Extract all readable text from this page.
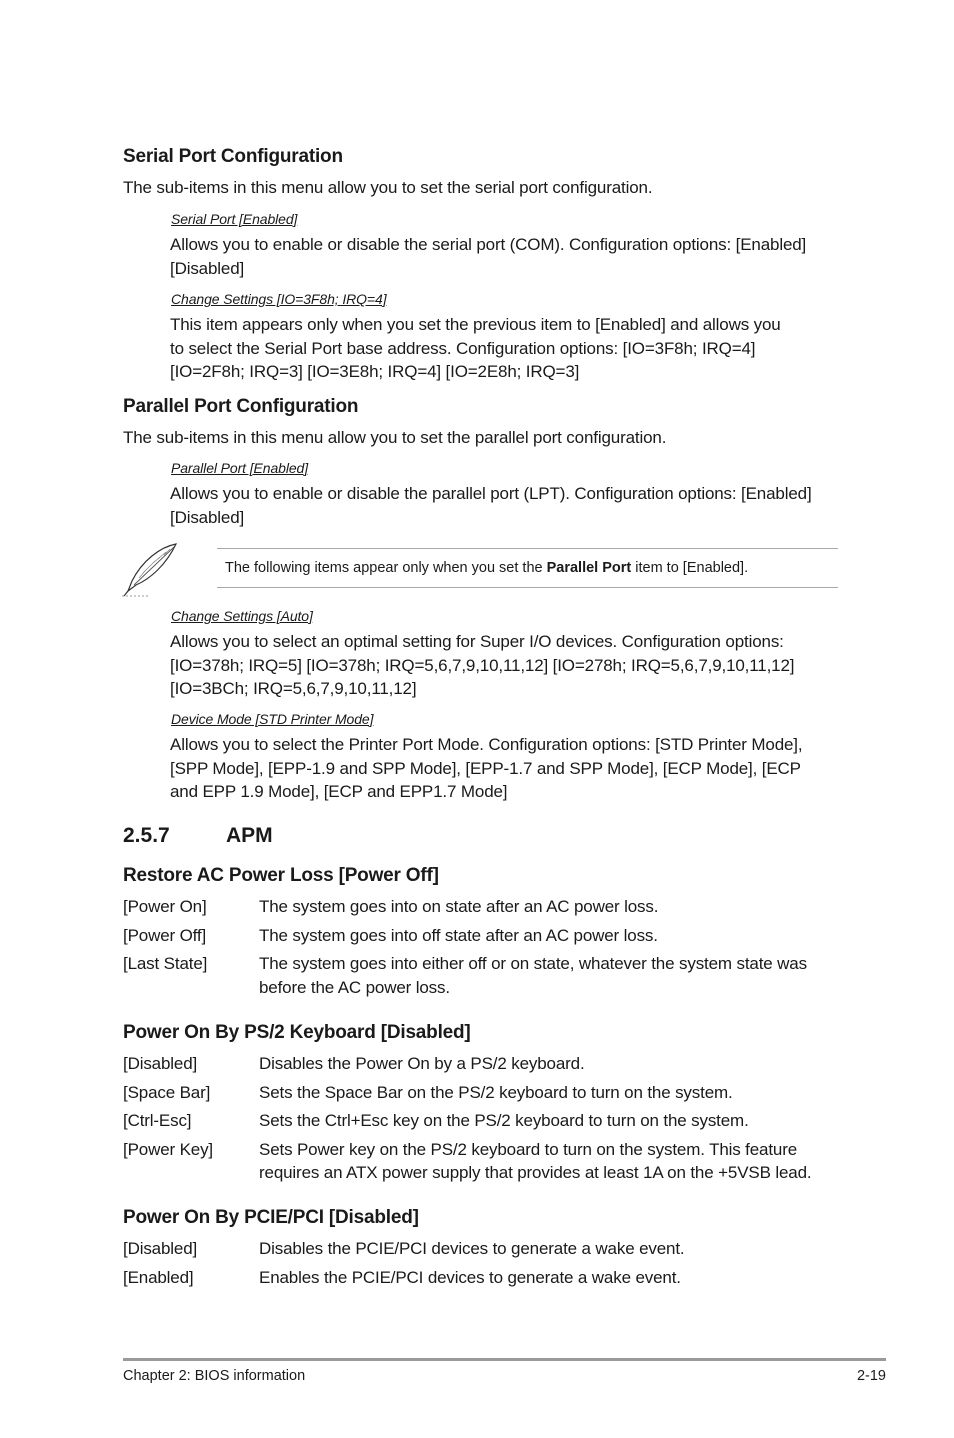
Serial Port Configuration
The sub-items in this menu allow you to set the serial port configuration.
Serial Port [Enabled]
Allows you to enable or disable the serial port (COM). Configuration options: [Enabled]
[Disabled]
Change Settings [IO=3F8h; IRQ=4]
This item appears only when you set the previous item to [Enabled] and allows you
to select the Serial Port base address. Configuration options: [IO=3F8h; IRQ=4]
[IO=2F8h; IRQ=3] [IO=3E8h; IRQ=4] [IO=2E8h; IRQ=3]
Parallel Port Configuration
The sub-items in this menu allow you to set the parallel port configuration.
Parallel Port [Enabled]
Allows you to enable or disable the parallel port (LPT). Configuration options: [Enabled]
[Disabled]
The following items appear only when you set the Parallel Port item to [Enabled].
Change Settings [Auto]
Allows you to select an optimal setting for Super I/O devices. Configuration options:
[IO=378h; IRQ=5] [IO=378h; IRQ=5,6,7,9,10,11,12] [IO=278h; IRQ=5,6,7,9,10,11,12]
[IO=3BCh; IRQ=5,6,7,9,10,11,12]
Device Mode [STD Printer Mode]
Allows you to select the Printer Port Mode. Configuration options: [STD Printer Mode],
[SPP Mode], [EPP-1.9 and SPP Mode], [EPP-1.7 and SPP Mode], [ECP Mode], [ECP
and EPP 1.9 Mode], [ECP and EPP1.7 Mode]
2.5.7	APM
Restore AC Power Loss [Power Off]
[Power On]	The system goes into on state after an AC power loss.
[Power Off]	The system goes into off state after an AC power loss.
[Last State]	The system goes into either off or on state, whatever the system state was
before the AC power loss.
Power On By PS/2 Keyboard [Disabled]
[Disabled]	Disables the Power On by a PS/2 keyboard.
[Space Bar]	Sets the Space Bar on the PS/2 keyboard to turn on the system.
[Ctrl-Esc]	Sets the Ctrl+Esc key on the PS/2 keyboard to turn on the system.
[Power Key]	Sets Power key on the PS/2 keyboard to turn on the system. This feature
requires an ATX power supply that provides at least 1A on the +5VSB lead.
Power On By PCIE/PCI [Disabled]
[Disabled]	Disables the PCIE/PCI devices to generate a wake event.
[Enabled]	Enables the PCIE/PCI devices to generate a wake event.
Chapter 2: BIOS information	2-19
